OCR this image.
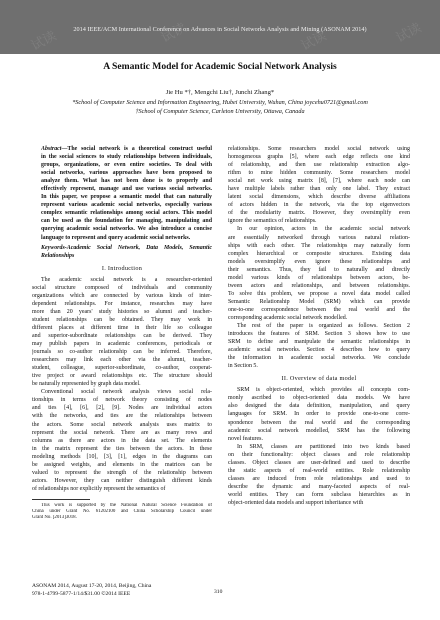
2014 IEEE/ACM International Conference on Advances in Social Networks Analysis and Mining (ASONAM 2014)
试读	试读	试读	试读
A Semantic Model for Academic Social Network Analysis
Jie Hu *†, Mengchi Liu†, Junchi Zhang*
*School of Computer Science and Information Engineering, Hubei University, Wuhan, China joycehu0721@gmail.com
†School of Computer Science, Carleton University, Ottawa, Canada
Abstract—The social network is a theoretical construct useful
in the social sciences to study relationships between individuals,
groups, organizations, or even entire societies. To deal with
social networks, various approaches have been proposed to
analyze them. What has not been done is to properly and
effectively represent, manage and use various social networks.
In this paper, we propose a semantic model that can naturally
represent various academic social networks, especially various
complex semantic relationships among social actors. This model
can be used as the foundation for managing, manipulating and
querying academic social networks. We also introduce a concise
language to represent and query academic social networks.
Keywords-Academic Social Network, Data Models, Semantic
Relationships
I. Introduction
The academic social network is a researcher-oriented
social structure composed of individuals and community
organizations which are connected by various kinds of inter-
dependent relationships. For instance, researches may have
more than 20 years' study histories so alumni and teacher-
student relationships can be obtained. They may work in
different places at different time in their life so colleague
and superior-subordinate relationships can be derived. They
may publish papers in academic conferences, periodicals or
journals so co-author relationship can be inferred. Therefore,
researchers may link each other via the alumni, teacher-
student, colleague, superior-subordinate, co-author, cooperat-
tive project or award relationships etc. The structure should
be naturally represented by graph data model.
Conventional social network analysis views social rela-
tionships in terms of network theory consisting of nodes
and ties [4], [6], [2], [9]. Nodes are individual actors
with the networks, and ties are the relationships between
the actors. Some social network analysis uses matrix to
represent the social network. There are as many rows and
columns as there are actors in the data set. The elements
in the matrix represent the ties between the actors. In these
modeling methods [10], [3], [1], edges in the diagrams can
be assigned weights, and elements in the matrices can be
valued to represent the strength of the relationship between
actors. However, they can neither distinguish different kinds
of relationships nor explicitly represent the semantics of
This work is supported by the National Natural Science Foundation of
China under Grant No. 61202100 and China Scholarship Council under
Grant No. [2013]3018.
relationships. Some researchers model social network using
homogeneous graphs [5], where each edge reflects one kind
of relationship, and then use relationship extraction algo-
rithm to mine hidden community. Some researchers model
social net work using matrix [8], [7], where each node can
have multiple labels rather than only one label. They extract
latent social dimensions, which describe diverse affiliations
of actors hidden in the network, via the top eigenvectors
of the modularity matrix. However, they oversimplify even
ignore the semantics of relationships.
In our opinion, actors in the academic social network
are essentially networked through various natural relation-
ships with each other. The relationships may naturally form
complex hierarchical or composite structures. Existing data
models oversimplify even ignore these relationships and
their semantics. Thus, they fail to naturally and directly
model various kinds of relationships between actors, be-
tween actors and relationships, and between relationships.
To solve this problem, we propose a novel data model called
Semantic Relationship Model (SRM) which can provide
one-to-one correspondence between the real world and the
corresponding academic social network modelled.
The rest of the paper is organized as follows. Section 2
introduces the features of SRM. Section 3 shows how to use
SRM to define and manipulate the semantic relationships in
academic social networks. Section 4 describes how to query
the information in academic social networks. We conclude
in Section 5.
II. Overview of data model
SRM is object-oriented, which provides all concepts com-
monly ascribed to object-oriented data models. We have
also designed the data definition, manipulation, and query
languages for SRM. In order to provide one-to-one corre-
spondence between the real world and the corresponding
academic social network modelled, SRM has the following
novel features.
In SRM, classes are partitioned into two kinds based
on their functionality: object classes and role relationship
classes. Object classes are user-defined and used to describe
the static aspects of real-world entities. Role relationship
classes are induced from role relationships and used to
describe the dynamic and many-faceted aspects of real-
world entities. They can form subclass hierarchies as in
object-oriented data models and support inheritance with
ASONAM 2014, August 17-20, 2014, Beijing, China
978-1-4799-5877-1/14/$31.00 ©2014 IEEE	310
